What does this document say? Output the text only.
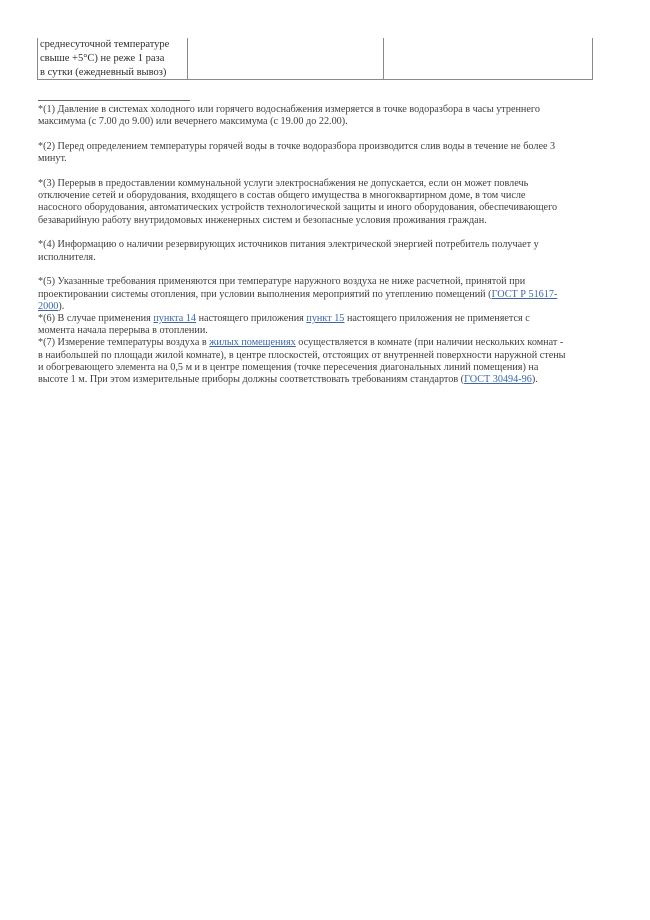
среднесуточной температуре
свыше +5°С) не реже 1 раза
в сутки (ежедневный вывоз)

*(1) Давление в системах холодного или горячего водоснабжения измеряется в точке водоразбора в часы утреннего
максимума (с 7.00 до 9.00) или вечернего максимума (с 19.00 до 22.00).

*(2) Перед определением температуры горячей воды в точке водоразбора производится слив воды в течение не более 3
минут.

*(3) Перерыв в предоставлении коммунальной услуги электроснабжения не допускается, если он может повлечь
отключение сетей и оборудования, входящего в состав общего имущества в многоквартирном доме, в том числе
насосного оборудования, автоматических устройств технологической защиты и иного оборудования, обеспечивающего
безаварийную работу внутридомовых инженерных систем и безопасные условия проживания граждан.

*(4) Информацию о наличии резервирующих источников питания электрической энергией потребитель получает у
исполнителя.

*(5) Указанные требования применяются при температуре наружного воздуха не ниже расчетной, принятой при
проектировании системы отопления, при условии выполнения мероприятий по утеплению помещений (ГОСТ Р 51617-
2000).

*(6) В случае применения пункта 14 настоящего приложения пункт 15 настоящего приложения не применяется с
момента начала перерыва в отоплении.

*(7) Измерение температуры воздуха в жилых помещениях осуществляется в комнате (при наличии нескольких комнат -
в наибольшей по площади жилой комнате), в центре плоскостей, отстоящих от внутренней поверхности наружной стены
и обогревающего элемента на 0,5 м и в центре помещения (точке пересечения диагональных линий помещения) на
высоте 1 м. При этом измерительные приборы должны соответствовать требованиям стандартов (ГОСТ 30494-96).
